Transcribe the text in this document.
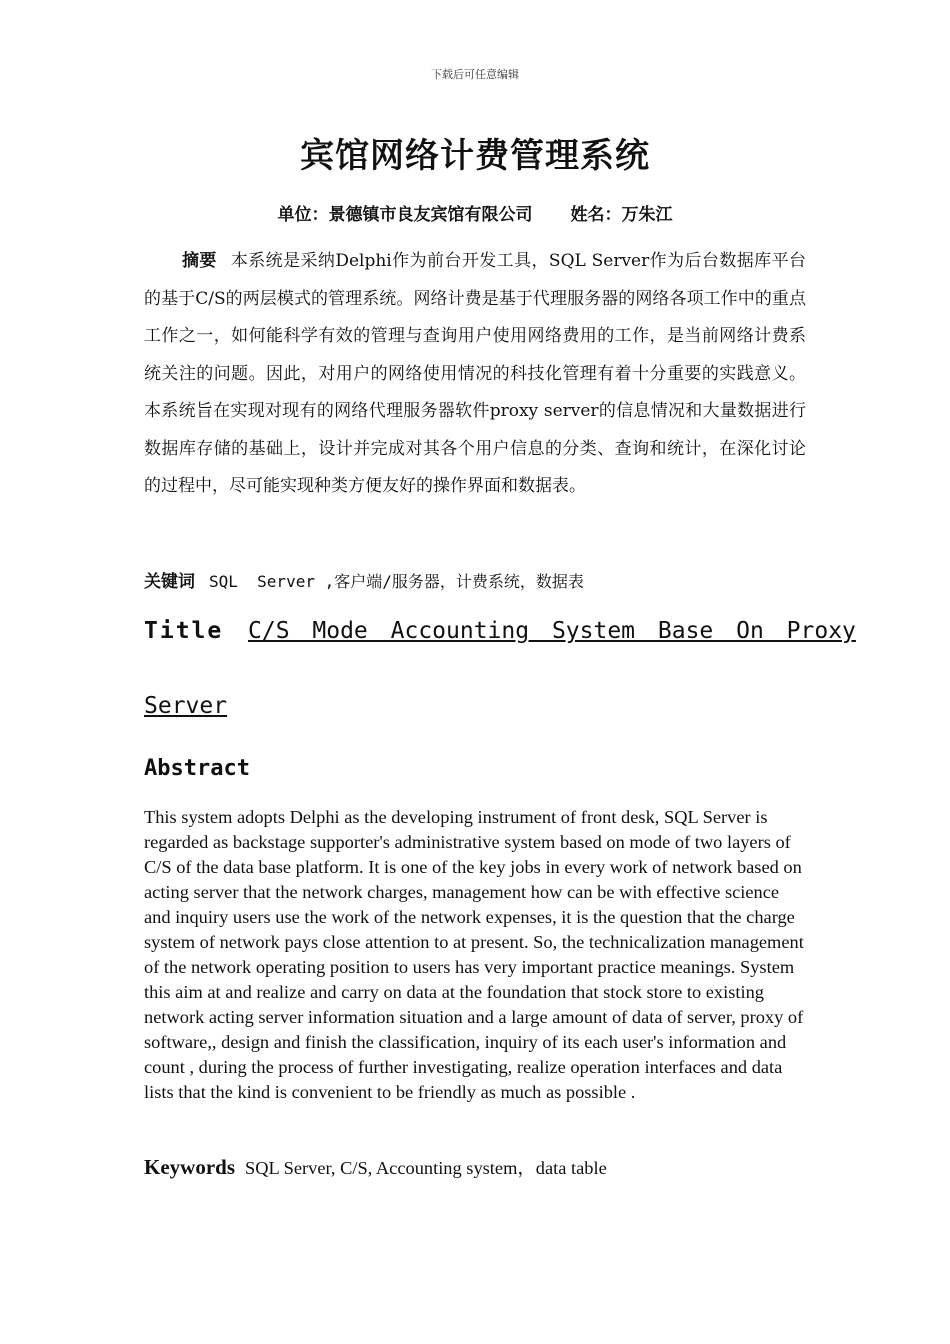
下载后可任意编辑
宾馆网络计费管理系统
单位：景德镇市良友宾馆有限公司 姓名：万朱江

摘要 本系统是采纳Delphi作为前台开发工具，SQL Server作为后台数据库平台的基于C/S的两层模式的管理系统。网络计费是基于代理服务器的网络各项工作中的重点工作之一，如何能科学有效的管理与查询用户使用网络费用的工作，是当前网络计费系统关注的问题。因此，对用户的网络使用情况的科技化管理有着十分重要的实践意义。本系统旨在实现对现有的网络代理服务器软件proxy server的信息情况和大量数据进行数据库存储的基础上，设计并完成对其各个用户信息的分类、查询和统计，在深化讨论的过程中，尽可能实现种类方便友好的操作界面和数据表。

关键词 SQL  Server ,客户端/服务器，计费系统，数据表
Title C/S Mode Accounting System Base On Proxy
Server
Abstract

This system adopts Delphi as the developing instrument of front desk, SQL Server is regarded as backstage supporter's administrative system based on mode of two layers of C/S of the data base platform. It is one of the key jobs in every work of network based on acting server that the network charges, management how can be with effective science and inquiry users use the work of the network expenses, it is the question that the charge system of network pays close attention to at present. So, the technicalization management of the network operating position to users has very important practice meanings. System this aim at and realize and carry on data at the foundation that stock store to existing network acting server information situation and a large amount of data of server, proxy of software,, design and finish the classification, inquiry of its each user's information and count , during the process of further investigating, realize operation interfaces and data lists that the kind is convenient to be friendly as much as possible .

Keywords SQL Server, C/S, Accounting system，data table
